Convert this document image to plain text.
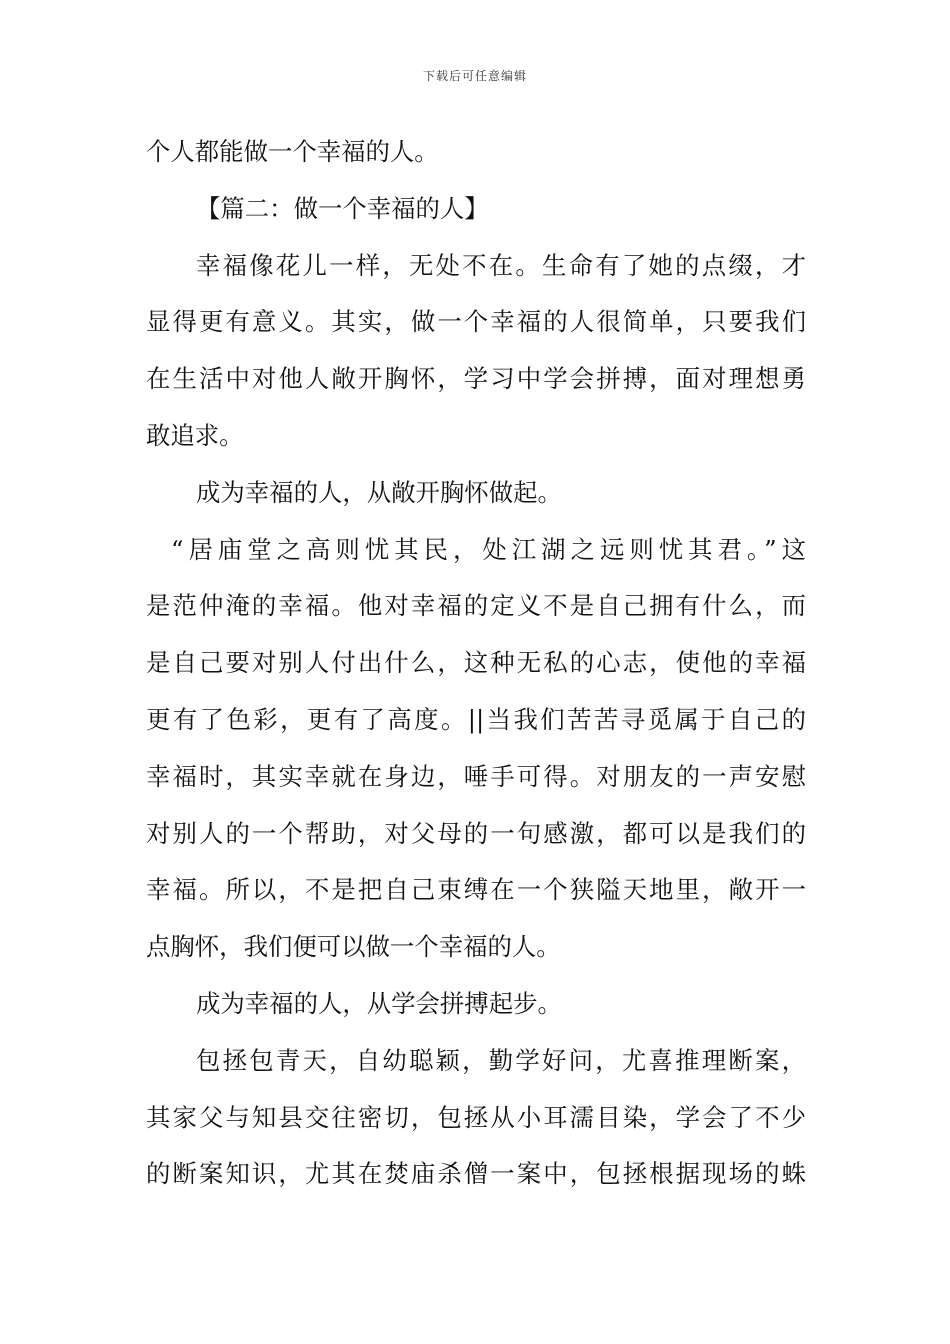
下载后可任意编辑
个人都能做一个幸福的人。
【篇二：做一个幸福的人】
幸福像花儿一样，无处不在。生命有了她的点缀，才
显得更有意义。其实，做一个幸福的人很简单，只要我们
在生活中对他人敞开胸怀，学习中学会拼搏，面对理想勇
敢追求。
成为幸福的人，从敞开胸怀做起。
“居庙堂之高则忧其民，处江湖之远则忧其君。”这
是范仲淹的幸福。他对幸福的定义不是自己拥有什么，而
是自己要对别人付出什么，这种无私的心志，使他的幸福
更有了色彩，更有了高度。||当我们苦苦寻觅属于自己的
幸福时，其实幸就在身边，唾手可得。对朋友的一声安慰
对别人的一个帮助，对父母的一句感激，都可以是我们的
幸福。所以，不是把自己束缚在一个狭隘天地里，敞开一
点胸怀，我们便可以做一个幸福的人。
成为幸福的人，从学会拼搏起步。
包拯包青天，自幼聪颖，勤学好问，尤喜推理断案，
其家父与知县交往密切，包拯从小耳濡目染，学会了不少
的断案知识，尤其在焚庙杀僧一案中，包拯根据现场的蛛
